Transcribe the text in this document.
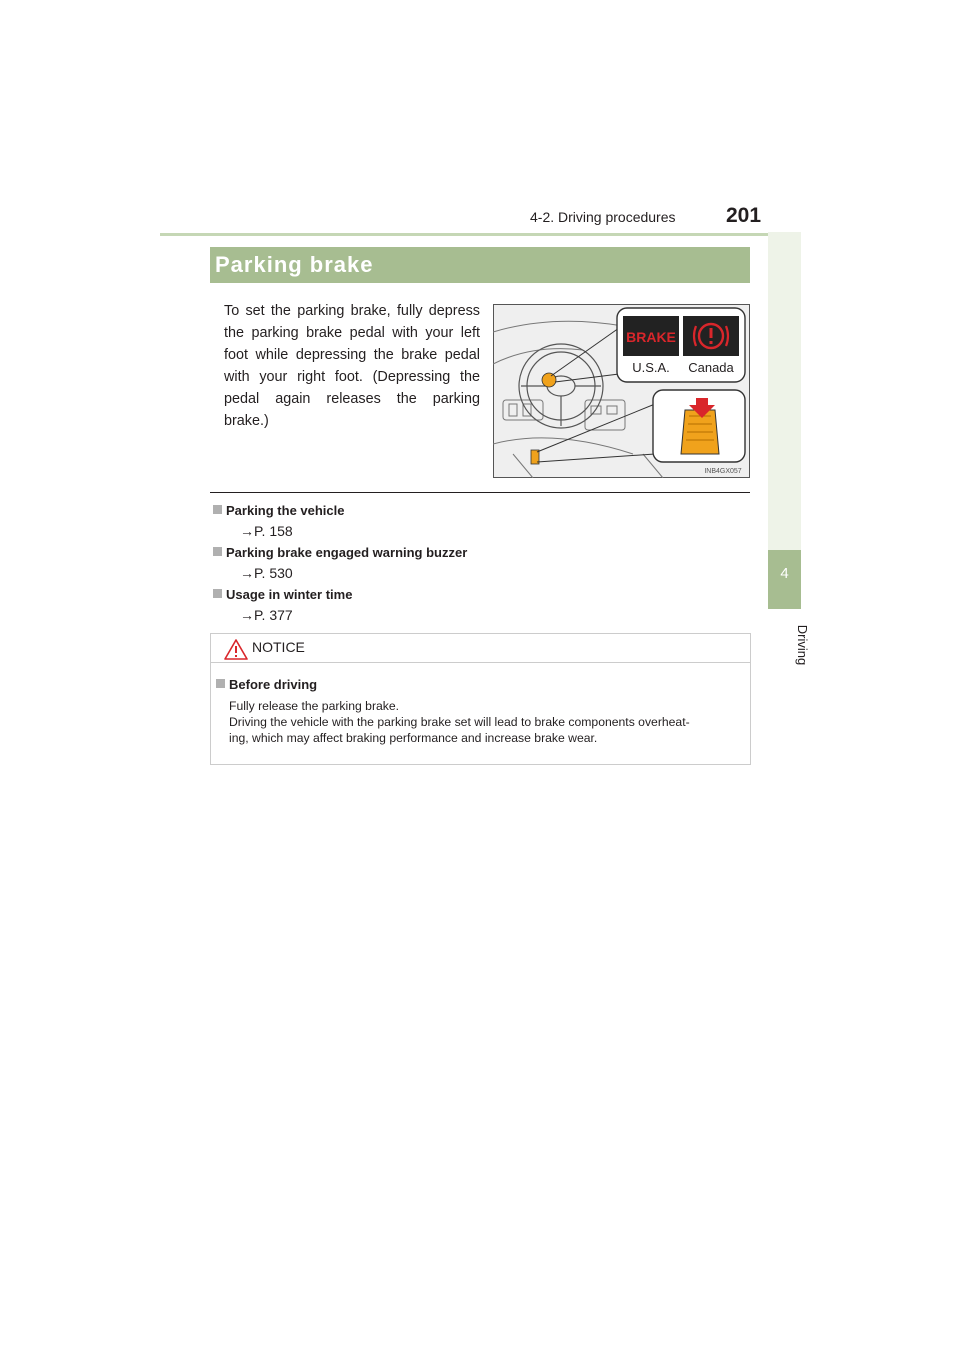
4-2. Driving procedures 201
4
Driving
Parking brake
To set the parking brake, fully depress the parking brake pedal with your left foot while depressing the brake pedal with your right foot. (Depressing the pedal again releases the parking brake.)
BRAKE
U.S.A. Canada
INB4GX057
Parking the vehicle
→P. 158
Parking brake engaged warning buzzer
→P. 530
Usage in winter time
→P. 377
NOTICE
Before driving
Fully release the parking brake.
Driving the vehicle with the parking brake set will lead to brake components overheat-
ing, which may affect braking performance and increase brake wear.
